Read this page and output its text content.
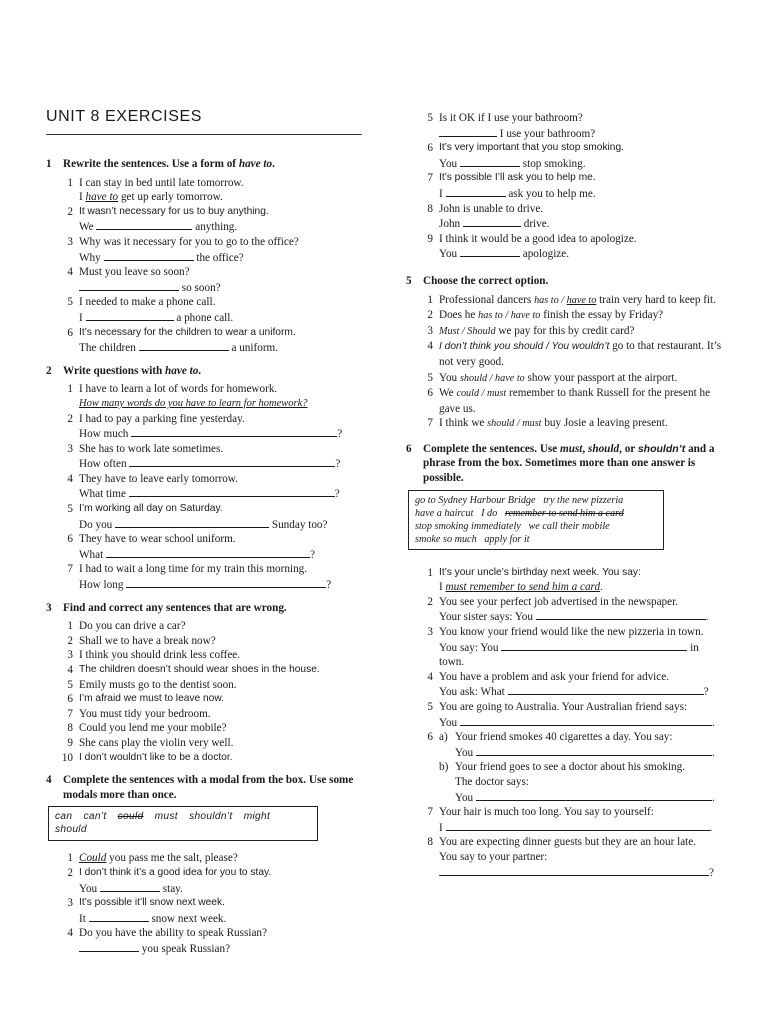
UNIT 8 EXERCISES
1	Rewrite the sentences. Use a form of have to.
1 I can stay in bed until late tomorrow.
I have to get up early tomorrow.
2 It wasn’t necessary for us to buy anything.
We	anything.
3 Why was it necessary for you to go to the office?
Why	the office?
4 Must you leave so soon?
so soon?
5 I needed to make a phone call.
I	a phone call.
6 It’s necessary for the children to wear a uniform.
The children	a uniform.
2	Write questions with have to.
1 I have to learn a lot of words for homework.
How many words do you have to learn for homework?
2 I had to pay a parking fine yesterday.
How much	?
3 She has to work late sometimes.
How often	?
4 They have to leave early tomorrow.
What time	?
5 I’m working all day on Saturday.
Do you	Sunday too?
6 They have to wear school uniform.
What	?
7 I had to wait a long time for my train this morning.
How long	?
3	Find and correct any sentences that are wrong.
1 Do you can drive a car?
2 Shall we to have a break now?
3 I think you should drink less coffee.
4 The children doesn’t should wear shoes in the house.
5 Emily musts go to the dentist soon.
6 I’m afraid we must to leave now.
7 You must tidy your bedroom.
8 Could you lend me your mobile?
9 She cans play the violin very well.
10 I don’t wouldn’t like to be a doctor.
4	Complete the sentences with a modal from the box. Use some modals more than once.
can can’t could must shouldn’t might should
1 Could you pass me the salt, please?
2 I don’t think it’s a good idea for you to stay.
You	stay.
3 It’s possible it’ll snow next week.
It	snow next week.
4 Do you have the ability to speak Russian?
you speak Russian?
5 Is it OK if I use your bathroom?
I use your bathroom?
6 It’s very important that you stop smoking.
You	stop smoking.
7 It’s possible I’ll ask you to help me.
I	ask you to help me.
8 John is unable to drive.
John	drive.
9 I think it would be a good idea to apologize.
You	apologize.
5	Choose the correct option.
1 Professional dancers has to / have to train very hard to keep fit.
2 Does he has to / have to finish the essay by Friday?
3 Must / Should we pay for this by credit card?
4 I don’t think you should / You wouldn’t go to that restaurant. It’s not very good.
5 You should / have to show your passport at the airport.
6 We could / must remember to thank Russell for the present he gave us.
7 I think we should / must buy Josie a leaving present.
6	Complete the sentences. Use must, should, or shouldn’t and a phrase from the box. Sometimes more than one answer is possible.
go to Sydney Harbour Bridge try the new pizzeria
have a haircut I do remember to send him a card
stop smoking immediately we call their mobile
smoke so much apply for it
1 It’s your uncle’s birthday next week. You say:
I must remember to send him a card.
2 You see your perfect job advertised in the newspaper.
Your sister says: You	.
3 You know your friend would like the new pizzeria in town.
You say: You	in
town.
4 You have a problem and ask your friend for advice.
You ask: What	?
5 You are going to Australia. Your Australian friend says:
You	.
6 a) Your friend smokes 40 cigarettes a day. You say:
You	.
b) Your friend goes to see a doctor about his smoking.
The doctor says:
You	.
7 Your hair is much too long. You say to yourself:
I	.
8 You are expecting dinner guests but they are an hour late.
You say to your partner:
?
